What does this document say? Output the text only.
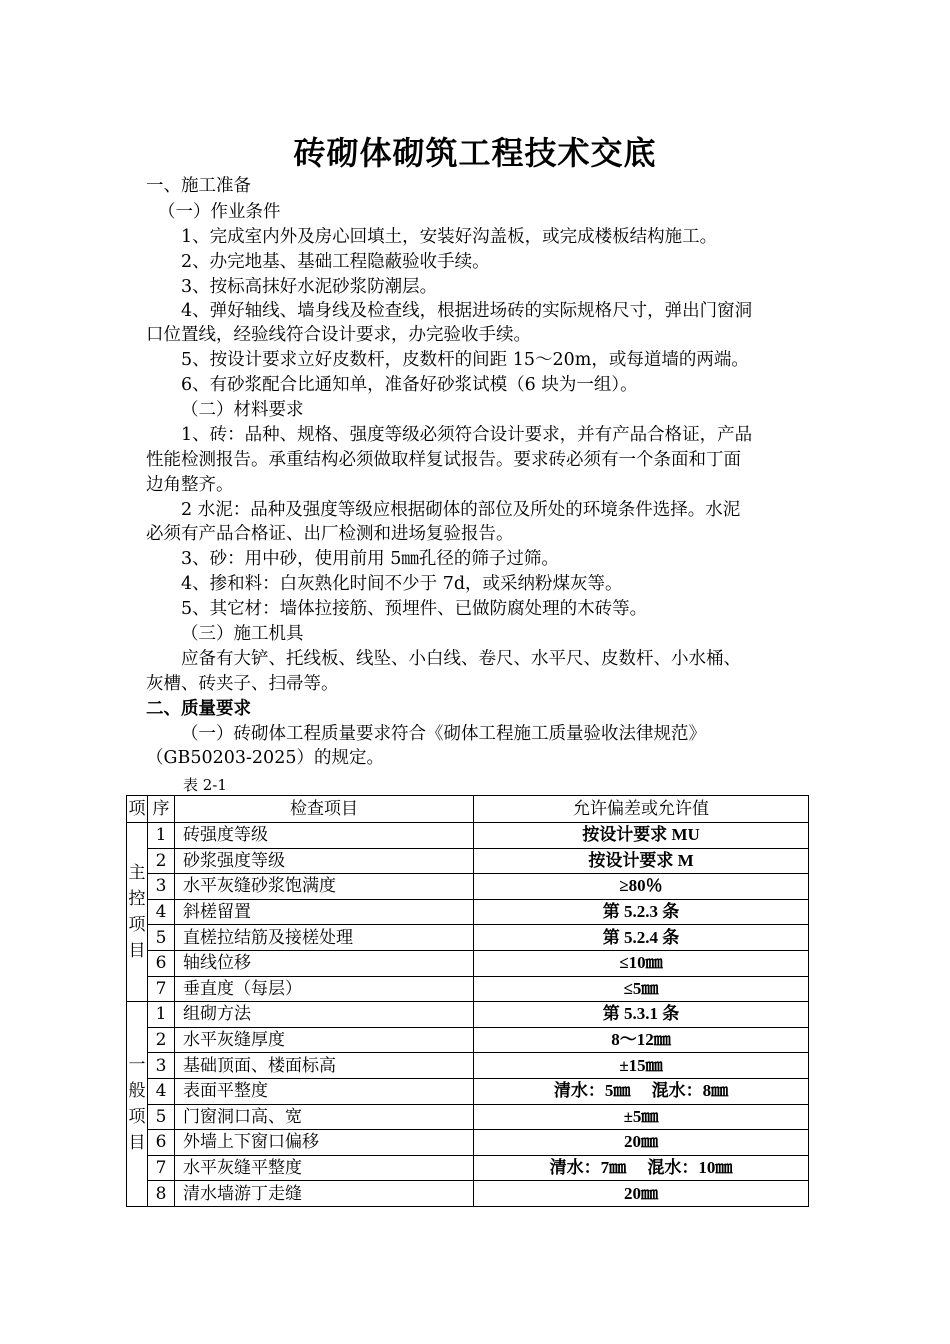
砖砌体砌筑工程技术交底
一、施工准备
（一）作业条件
1、完成室内外及房心回填土，安装好沟盖板，或完成楼板结构施工。
2、办完地基、基础工程隐蔽验收手续。
3、按标高抹好水泥砂浆防潮层。
4、弹好轴线、墙身线及检查线，根据进场砖的实际规格尺寸，弹出门窗洞
口位置线，经验线符合设计要求，办完验收手续。
5、按设计要求立好皮数杆，皮数杆的间距 15～20m，或每道墙的两端。
6、有砂浆配合比通知单，准备好砂浆试模（6 块为一组）。
（二）材料要求
1、砖：品种、规格、强度等级必须符合设计要求，并有产品合格证，产品
性能检测报告。承重结构必须做取样复试报告。要求砖必须有一个条面和丁面
边角整齐。
2 水泥：品种及强度等级应根据砌体的部位及所处的环境条件选择。水泥
必须有产品合格证、出厂检测和进场复验报告。
3、砂：用中砂，使用前用 5㎜孔径的筛子过筛。
4、掺和料：白灰熟化时间不少于 7d，或采纳粉煤灰等。
5、其它材：墙体拉接筋、预埋件、已做防腐处理的木砖等。
（三）施工机具
应备有大铲、托线板、线坠、小白线、卷尺、水平尺、皮数杆、小水桶、
灰槽、砖夹子、扫帚等。
二、质量要求
（一）砖砌体工程质量要求符合《砌体工程施工质量验收法律规范》
（GB50203-2025）的规定。
表 2-1
项	序	检查项目	允许偏差或允许值

主
控
项
目	1	砖强度等级	按设计要求 MU
	2	砂浆强度等级	按设计要求 M
	3	水平灰缝砂浆饱满度	≥80％
	4	斜槎留置	第 5.2.3 条
	5	直槎拉结筋及接槎处理	第 5.2.4 条
	6	轴线位移	≤10㎜
	7	垂直度（每层）	≤5㎜

一
般
项
目	1	组砌方法	第 5.3.1 条
	2	水平灰缝厚度	8～12㎜
	3	基础顶面、楼面标高	±15㎜
	4	表面平整度	清水：5㎜　 混水：8㎜
	5	门窗洞口高、宽	±5㎜
	6	外墙上下窗口偏移	20㎜
	7	水平灰缝平整度	清水：7㎜　 混水：10㎜
	8	清水墙游丁走缝	20㎜
